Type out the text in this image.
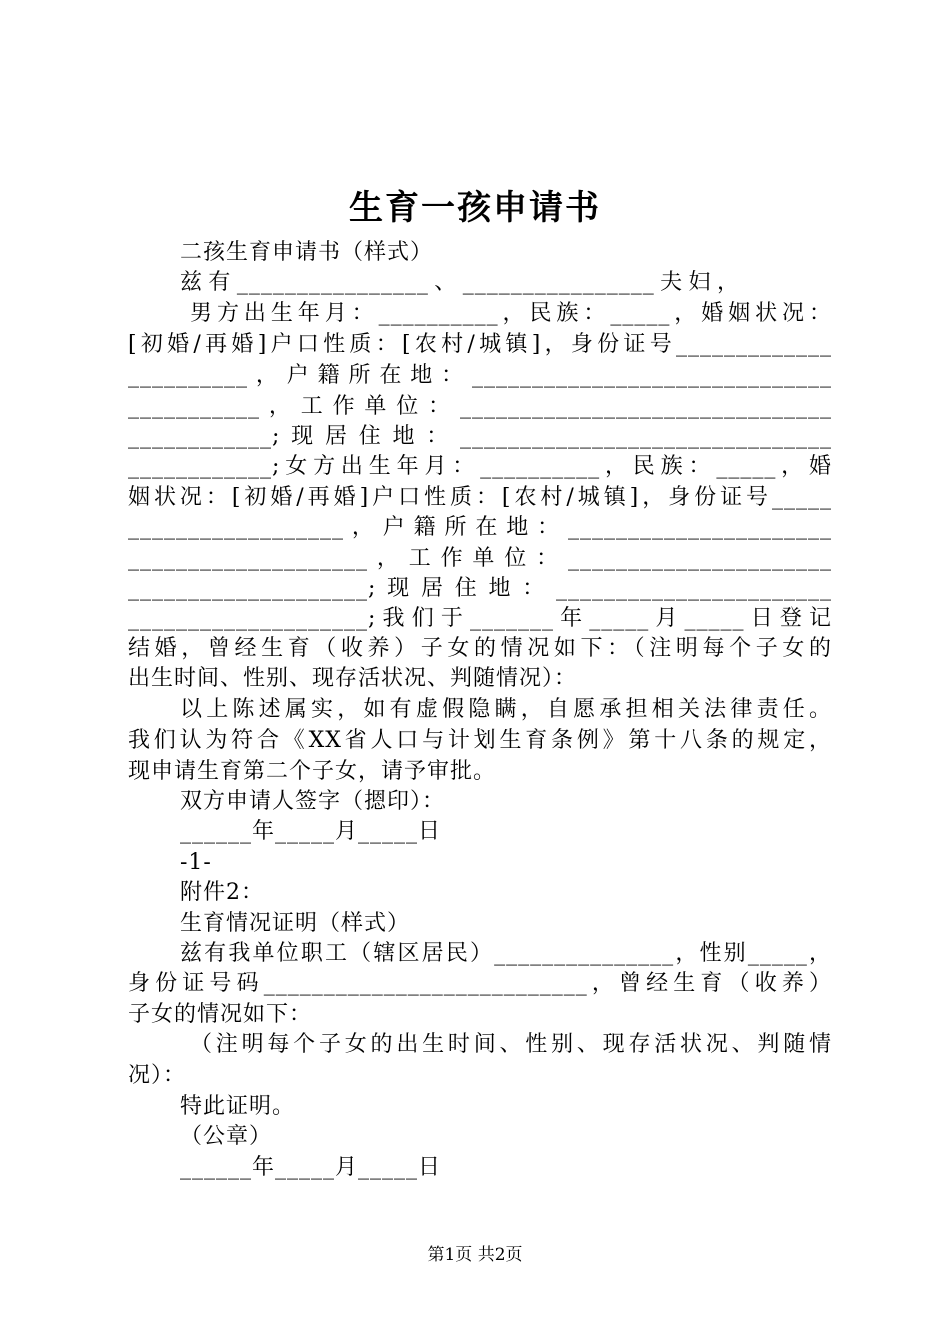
生育一孩申请书
二孩生育申请书（样式）
兹有________________、________________夫妇，
男方出生年月：__________，民族：_____，婚姻状况：
[初婚/再婚]户口性质：[农村/城镇]，身份证号_____________
__________，户籍所在地：______________________________
___________，工作单位：_______________________________
____________;现居住地：_______________________________
____________;女方出生年月：__________，民族：_____，婚
姻状况：[初婚/再婚]户口性质：[农村/城镇]，身份证号_____
__________________，户籍所在地：______________________
____________________，工作单位：______________________
____________________;现居住地：_______________________
____________________;我们于_______年_____月_____日登记
结婚，曾经生育（收养）子女的情况如下：（注明每个子女的
出生时间、性别、现存活状况、判随情况）：
以上陈述属实，如有虚假隐瞒，自愿承担相关法律责任。
我们认为符合《XX省人口与计划生育条例》第十八条的规定，
现申请生育第二个子女，请予审批。
双方申请人签字（摁印）：
______年_____月_____日
-1-
附件2：
生育情况证明（样式）
兹有我单位职工（辖区居民）_______________，性别_____，
身份证号码___________________________，曾经生育（收养）
子女的情况如下：
（注明每个子女的出生时间、性别、现存活状况、判随情
况）：
特此证明。
（公章）
______年_____月_____日
第1页 共2页
